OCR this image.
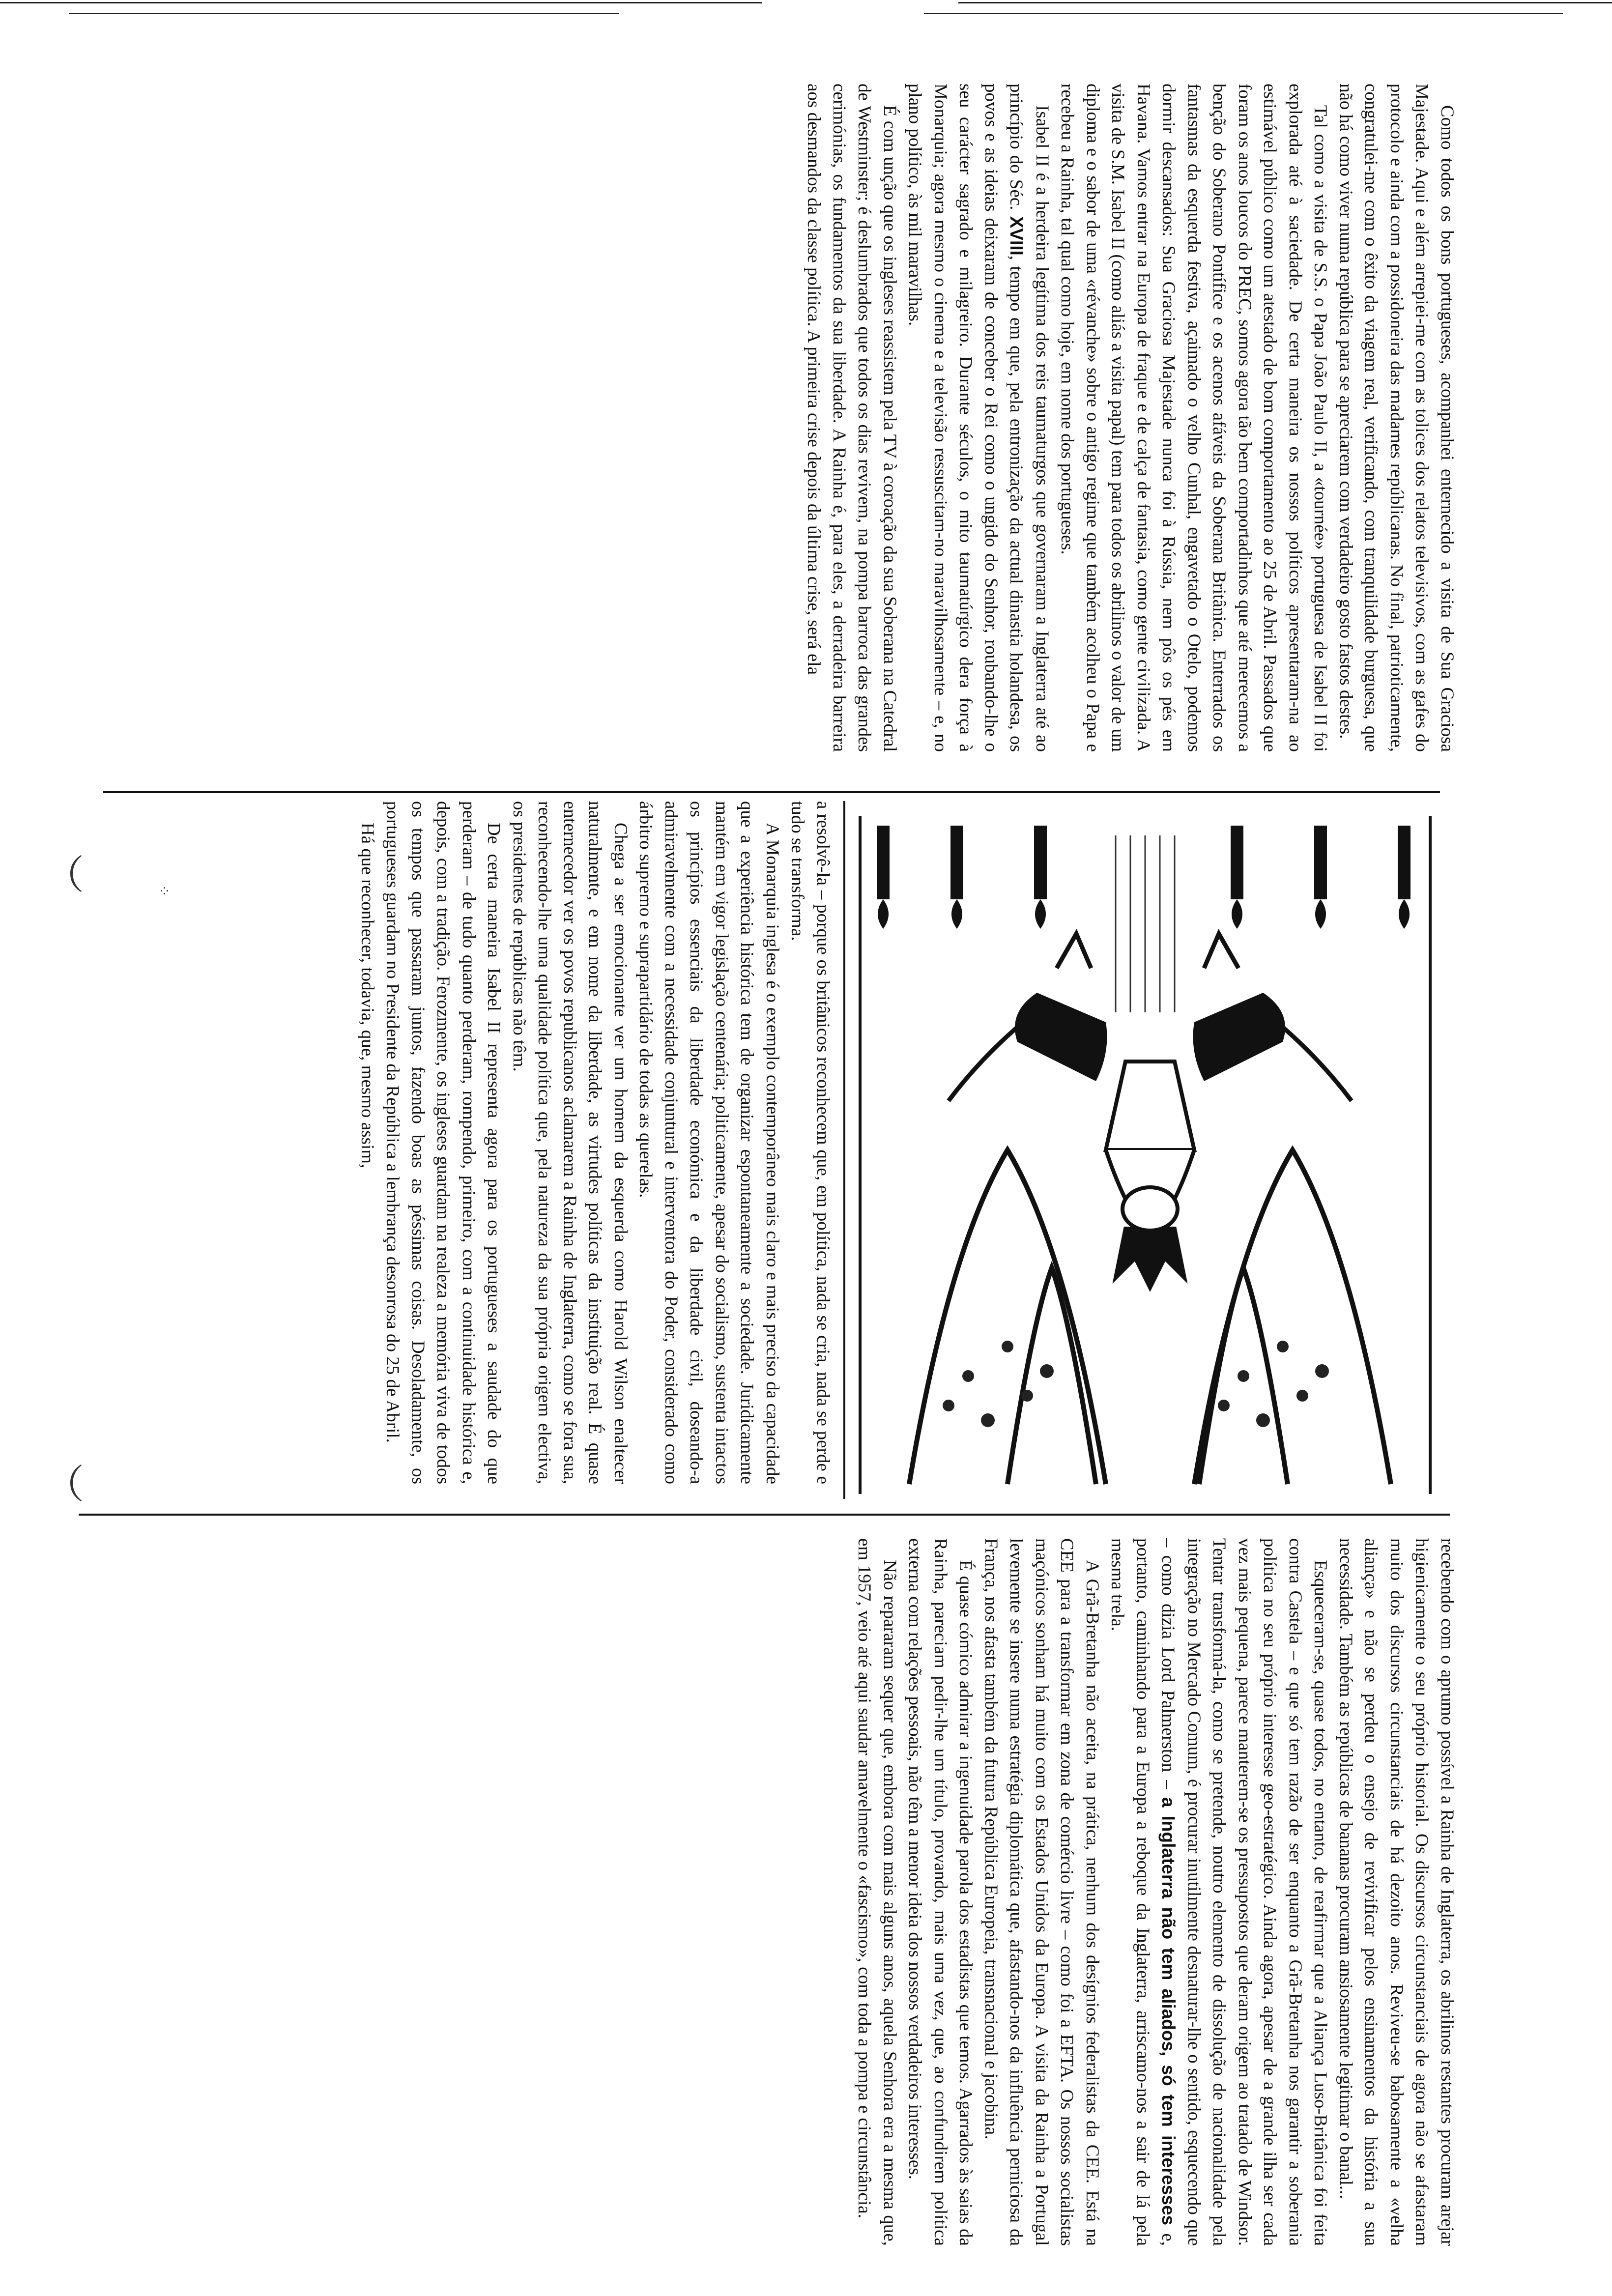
︶
︶

Como todos os bons portugueses, acompanhei enternecido a visita de Sua Graciosa Majestade. Aqui e além arrepiei-me com as tolices dos relatos televisivos, com as gafes do protocolo e ainda com a possidoneira das madames repúblicanas. No final, patrioticamente, congratulei-me com o êxito da viagem real, verificando, com tranquilidade burguesa, que não há como viver numa república para se apreciarem com verdadeiro gosto fastos destes.

Tal como a visita de S.S. o Papa João Paulo II, a «tournée» portuguesa de Isabel II foi explorada até à saciedade. De certa maneira os nossos políticos apresentaram-na ao estimável público como um atestado de bom comportamento ao 25 de Abril. Passados que foram os anos loucos do PREC, somos agora tão bem comportadinhos que até merecemos a benção do Soberano Pontífice e os acenos afáveis da Soberana Britânica. Enterrados os fantasmas da esquerda festiva, açaimado o velho Cunhal, engavetado o Otelo, podemos dormir descansados: Sua Graciosa Majestade nunca foi à Rússia, nem pôs os pés em Havana. Vamos entrar na Europa de fraque e de calça de fantasia, como gente civilizada. A visita de S.M. Isabel II (como aliás a visita papal) tem para todos os abrilinos o valor de um diploma e o sabor de uma «révanche» sobre o antigo regime que também acolheu o Papa e recebeu a Rainha, tal qual como hoje, em nome dos portugueses.

Isabel II é a herdeira legítima dos reis taumaturgos que governaram a Inglaterra até ao princípio do Séc. XVIII, tempo em que, pela entronização da actual dinastia holandesa, os povos e as ideias deixaram de conceber o Rei como o ungido do Senhor, roubando-lhe o seu carácter sagrado e milagreiro. Durante séculos, o mito taumatúrgico dera força à Monarquia; agora mesmo o cinema e a televisão ressuscitam-no maravilhosamente – e, no plano político, às mil maravilhas.

É com unção que os ingleses reassistem pela TV à coroação da sua Soberana na Catedral de Westminster; é deslumbrados que todos os dias revivem, na pompa barroca das grandes cerimónias, os fundamentos da sua liberdade. A Rainha é, para eles, a derradeira barreira aos desmandos da classe política. A primeira crise depois da última crise, será ela

a resolvê-la – porque os britânicos reconhecem que, em política, nada se cria, nada se perde e tudo se transforma.

A Monarquia inglesa é o exemplo contemporâneo mais claro e mais preciso da capacidade que a experiência histórica tem de organizar espontaneamente a sociedade. Juridicamente mantém em vigor legislação centenária; politicamente, apesar do socialismo, sustenta intactos os princípios essenciais da liberdade económica e da liberdade civil, doseando-a admiravelmente com a necessidade conjuntural e interventora do Poder, considerado como árbitro supremo e suprapartidário de todas as querelas.

Chega a ser emocionante ver um homem da esquerda como Harold Wilson enaltecer naturalmente, e em nome da liberdade, as virtudes políticas da instituição real. É quase enternecedor ver os povos republicanos aclamarem a Rainha de Inglaterra, como se fora sua, reconhecendo-lhe uma qualidade política que, pela natureza da sua própria origem electiva, os presidentes de repúblicas não têm.

De certa maneira Isabel II representa agora para os portugueses a saudade do que perderam – de tudo quanto perderam, rompendo, primeiro, com a continuidade histórica e, depois, com a tradição. Ferozmente, os ingleses guardam na realeza a memória viva de todos os tempos que passaram juntos, fazendo boas as péssimas coisas. Desoladamente, os portugueses guardam no Presidente da República a lembrança desonrosa do 25 de Abril.

Há que reconhecer, todavia, que, mesmo assim,

recebendo com o aprumo possível a Rainha de Inglaterra, os abrilinos restantes procuram arejar higienicamente o seu próprio historial. Os discursos circunstanciais de agora não se afastaram muito dos discursos circunstanciais de há dezoito anos. Reviveu-se babosamente a «velha aliança» e não se perdeu o ensejo de revivificar pelos ensinamentos da história a sua necessidade. Também as repúblicas de bananas procuram ansiosamente legitimar o banal...

Esqueceram-se, quase todos, no entanto, de reafirmar que a Aliança Luso-Britânica foi feita contra Castela – e que só tem razão de ser enquanto a Grã-Bretanha nos garantir a soberania política no seu próprio interesse geo-estratégico. Ainda agora, apesar de a grande ilha ser cada vez mais pequena, parece manterem-se os pressupostos que deram origem ao tratado de Windsor. Tentar transformá-la, como se pretende, noutro elemento de dissolução de nacionalidade pela integração no Mercado Comum, é procurar inutilmente desnaturar-lhe o sentido, esquecendo que – como dizia Lord Palmerston – a Inglaterra não tem aliados, só tem interesses e, portanto, caminhando para a Europa a reboque da Inglaterra, arriscamo-nos a sair de lá pela mesma trela.

A Grã-Bretanha não aceita, na prática, nenhum dos desígnios federalistas da CEE. Está na CEE para a transformar em zona de comércio livre – como foi a EFTA. Os nossos socialistas maçónicos sonham há muito com os Estados Unidos da Europa. A visita da Rainha a Portugal levemente se insere numa estratégia diplomática que, afastando-nos da influência perniciosa da França, nos afasta também da futura República Europeia, transnacional e jacobina.

É quase cómico admirar a ingenuidade parola dos estadistas que temos. Agarrados às saias da Rainha, pareciam pedir-lhe um título, provando, mais uma vez, que, ao confundirem política externa com relações pessoais, não têm a menor ideia dos nossos verdadeiros interesses.

Não repararam sequer que, embora com mais alguns anos, aquela Senhora era a mesma que, em 1957, veio até aqui saudar amavelmente o «fascismo», com toda a pompa e circunstância.

⁘
